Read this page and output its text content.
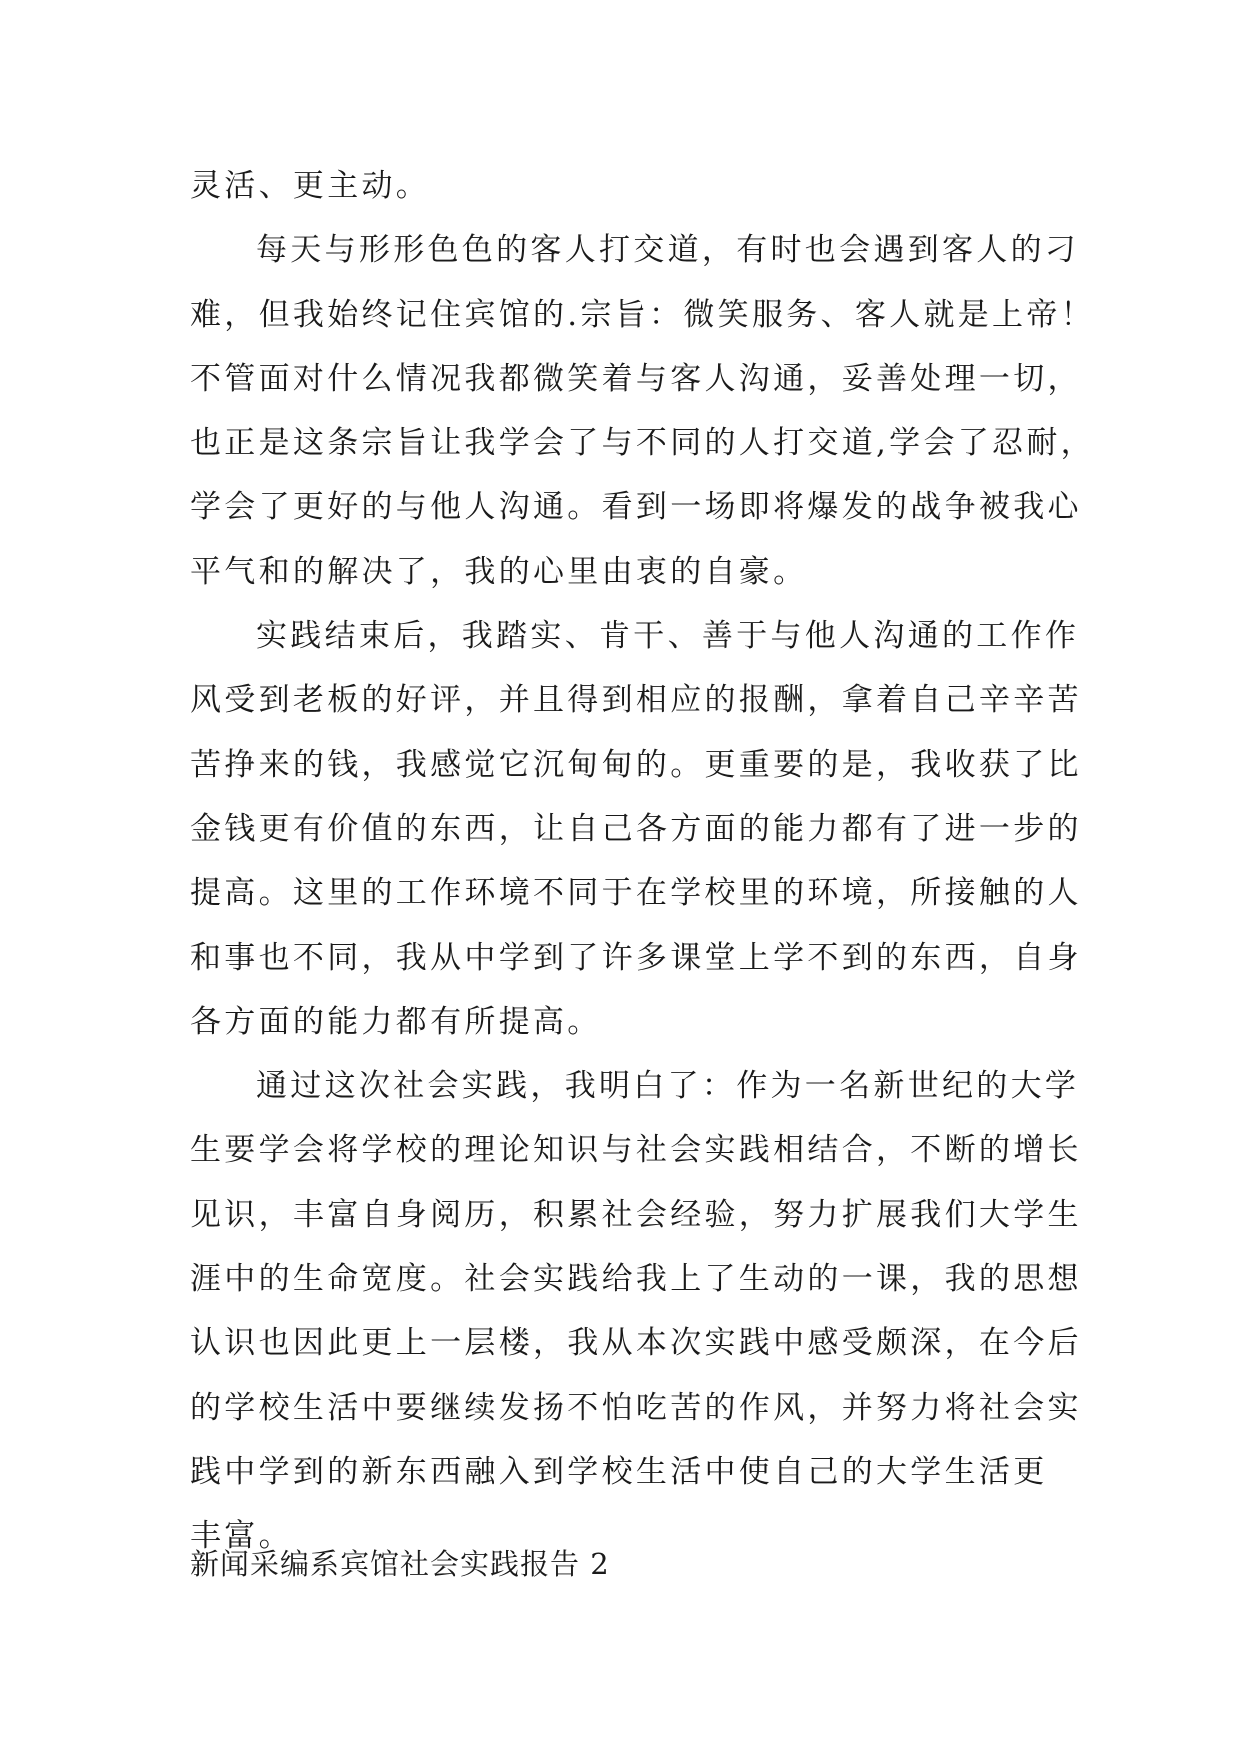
灵活、更主动。
每天与形形色色的客人打交道，有时也会遇到客人的刁
难，但我始终记住宾馆的.宗旨：微笑服务、客人就是上帝！
不管面对什么情况我都微笑着与客人沟通，妥善处理一切，
也正是这条宗旨让我学会了与不同的人打交道,学会了忍耐，
学会了更好的与他人沟通。看到一场即将爆发的战争被我心
平气和的解决了，我的心里由衷的自豪。
实践结束后，我踏实、肯干、善于与他人沟通的工作作
风受到老板的好评，并且得到相应的报酬，拿着自己辛辛苦
苦挣来的钱，我感觉它沉甸甸的。更重要的是，我收获了比
金钱更有价值的东西，让自己各方面的能力都有了进一步的
提高。这里的工作环境不同于在学校里的环境，所接触的人
和事也不同，我从中学到了许多课堂上学不到的东西，自身
各方面的能力都有所提高。
通过这次社会实践，我明白了：作为一名新世纪的大学
生要学会将学校的理论知识与社会实践相结合，不断的增长
见识，丰富自身阅历，积累社会经验，努力扩展我们大学生
涯中的生命宽度。社会实践给我上了生动的一课，我的思想
认识也因此更上一层楼，我从本次实践中感受颇深，在今后
的学校生活中要继续发扬不怕吃苦的作风，并努力将社会实
践中学到的新东西融入到学校生活中使自己的大学生活更
丰富。
新闻采编系宾馆社会实践报告 2
